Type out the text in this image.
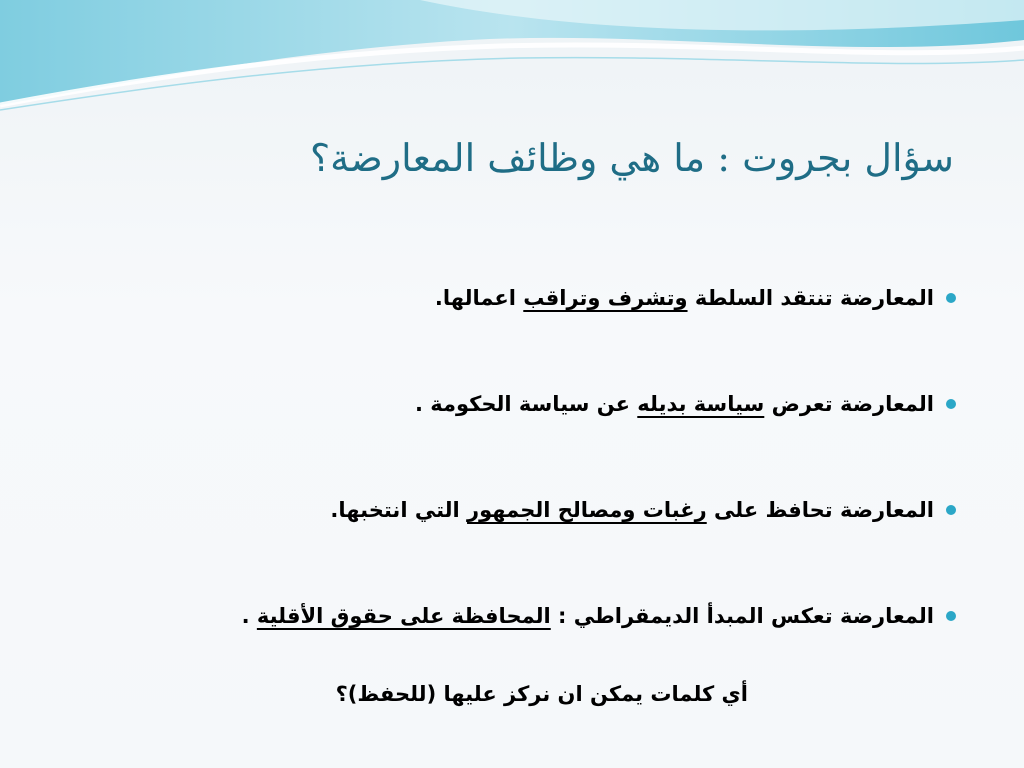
سؤال بجروت : ما هي وظائف المعارضة؟
المعارضة تنتقد السلطة وتشرف وتراقب اعمالها.
المعارضة تعرض سياسة بديله عن سياسة الحكومة .
المعارضة تحافظ على رغبات ومصالح الجمهور التي انتخبها.
المعارضة تعكس المبدأ الديمقراطي : المحافظة على حقوق الأقلية .
أي كلمات يمكن ان نركز عليها (للحفظ)؟
